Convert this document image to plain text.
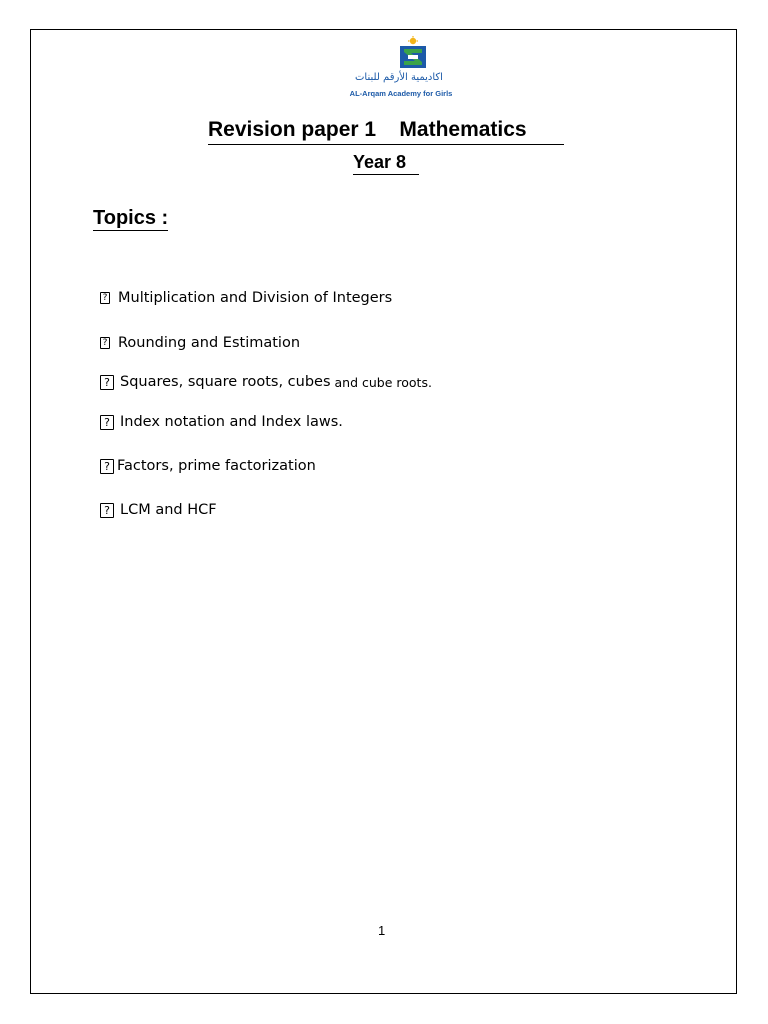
اكاديمية الأرقم للبنات
AL-Arqam Academy for Girls
Revision paper 1    Mathematics
Year 8
Topics :
? Multiplication and Division of Integers
? Rounding and Estimation
? Squares, square roots, cubes and cube roots.
? Index notation and Index laws.
? Factors, prime factorization
? LCM and HCF
1
